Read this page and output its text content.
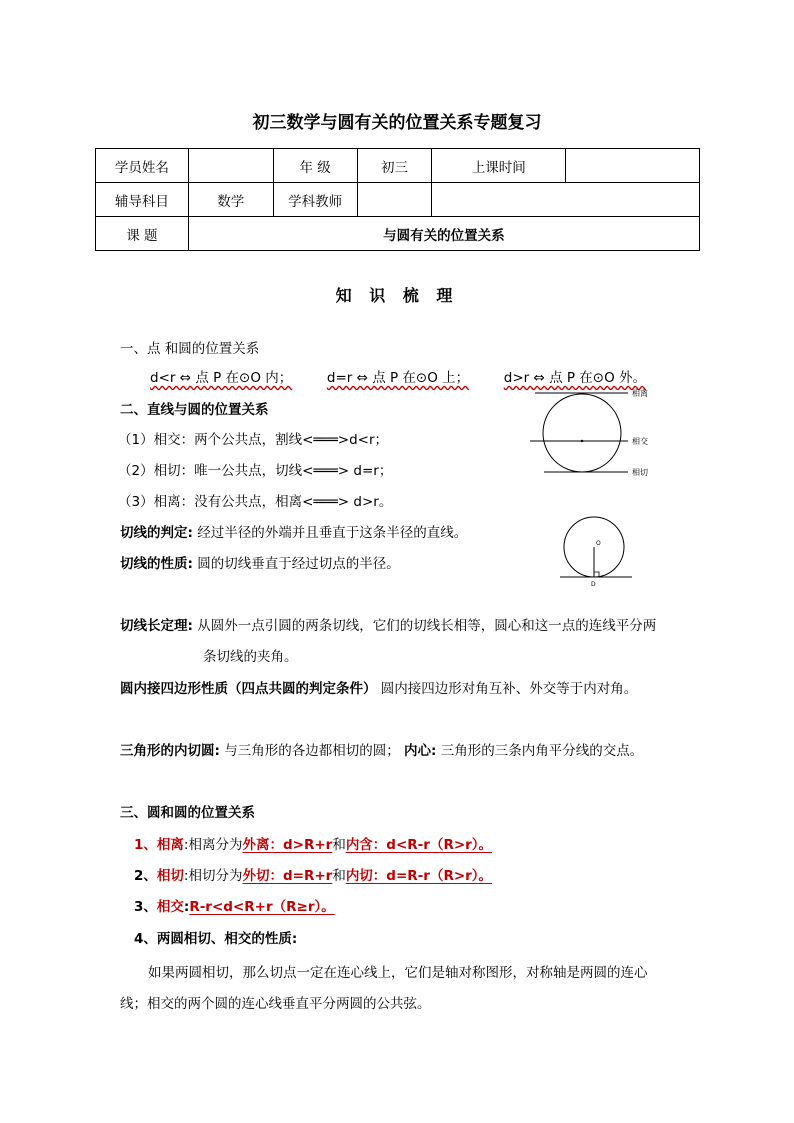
初三数学与圆有关的位置关系专题复习
学员姓名		年 级	初三	上课时间	
辅导科目	数学	学科教师			
课 题	与圆有关的位置关系				
知 识 梳 理
一、点 和圆的位置关系
d<r ⇔ 点 P 在⊙O 内；	d=r ⇔ 点 P 在⊙O 上；	d>r ⇔ 点 P 在⊙O 外。
二、直线与圆的位置关系
（1）相交：两个公共点，割线<═══>d<r；
（2）相切：唯一公共点，切线<═══> d=r；
（3）相离：没有公共点，相离<═══> d>r。
相离
相交
相切
切线的判定: 经过半径的外端并且垂直于这条半径的直线。
切线的性质: 圆的切线垂直于经过切点的半径。
O
D
切线长定理: 从圆外一点引圆的两条切线，它们的切线长相等，圆心和这一点的连线平分两
条切线的夹角。
圆内接四边形性质（四点共圆的判定条件） 圆内接四边形对角互补、外交等于内对角。
三角形的内切圆: 与三角形的各边都相切的圆； 内心: 三角形的三条内角平分线的交点。
三、圆和圆的位置关系
1、相离:相离分为外离：d>R+r和内含：d<R-r（R>r）。
2、相切:相切分为外切：d=R+r和内切：d=R-r（R>r）。
3、相交:R-r<d<R+r（R≥r）。
4、两圆相切、相交的性质:
如果两圆相切，那么切点一定在连心线上，它们是轴对称图形，对称轴是两圆的连心
线；相交的两个圆的连心线垂直平分两圆的公共弦。
